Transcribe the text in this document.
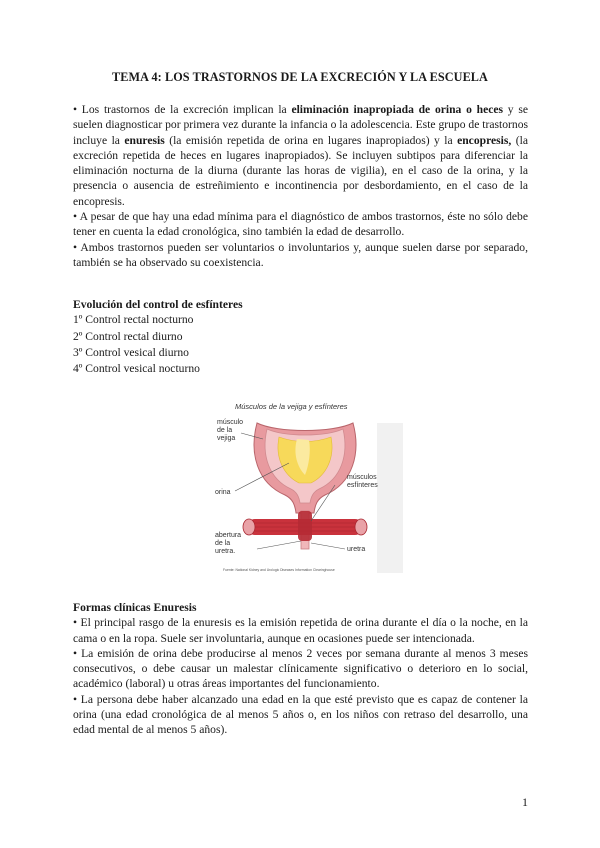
TEMA 4: LOS TRASTORNOS DE LA EXCRECIÓN Y LA ESCUELA

• Los trastornos de la excreción implican la eliminación inapropiada de orina o heces y se suelen diagnosticar por primera vez durante la infancia o la adolescencia. Este grupo de trastornos incluye la enuresis (la emisión repetida de orina en lugares inapropiados) y la encopresis, (la excreción repetida de heces en lugares inapropiados). Se incluyen subtipos para diferenciar la eliminación nocturna de la diurna (durante las horas de vigilia), en el caso de la orina, y la presencia o ausencia de estreñimiento e incontinencia por desbordamiento, en el caso de la encopresis.

• A pesar de que hay una edad mínima para el diagnóstico de ambos trastornos, éste no sólo debe tener en cuenta la edad cronológica, sino también la edad de desarrollo.

• Ambos trastornos pueden ser voluntarios o involuntarios y, aunque suelen darse por separado, también se ha observado su coexistencia.

Evolución del control de esfínteres

1º Control rectal nocturno
2º Control rectal diurno
3º Control vesical diurno
4º Control vesical nocturno
Músculos de la vejiga y esfínteres
músculo
de la
vejiga
orina
músculos
esfínteres
abertura
de la
uretra.	uretra
Fuente: National Kidney and Urologic Diseases Information Clearinghouse

Formas clínicas Enuresis

• El principal rasgo de la enuresis es la emisión repetida de orina durante el día o la noche, en la cama o en la ropa. Suele ser involuntaria, aunque en ocasiones puede ser intencionada.

• La emisión de orina debe producirse al menos 2 veces por semana durante al menos 3 meses consecutivos, o debe causar un malestar clínicamente significativo o deterioro en lo social, académico (laboral) u otras áreas importantes del funcionamiento.

• La persona debe haber alcanzado una edad en la que esté previsto que es capaz de contener la orina (una edad cronológica de al menos 5 años o, en los niños con retraso del desarrollo, una edad mental de al menos 5 años).

1
